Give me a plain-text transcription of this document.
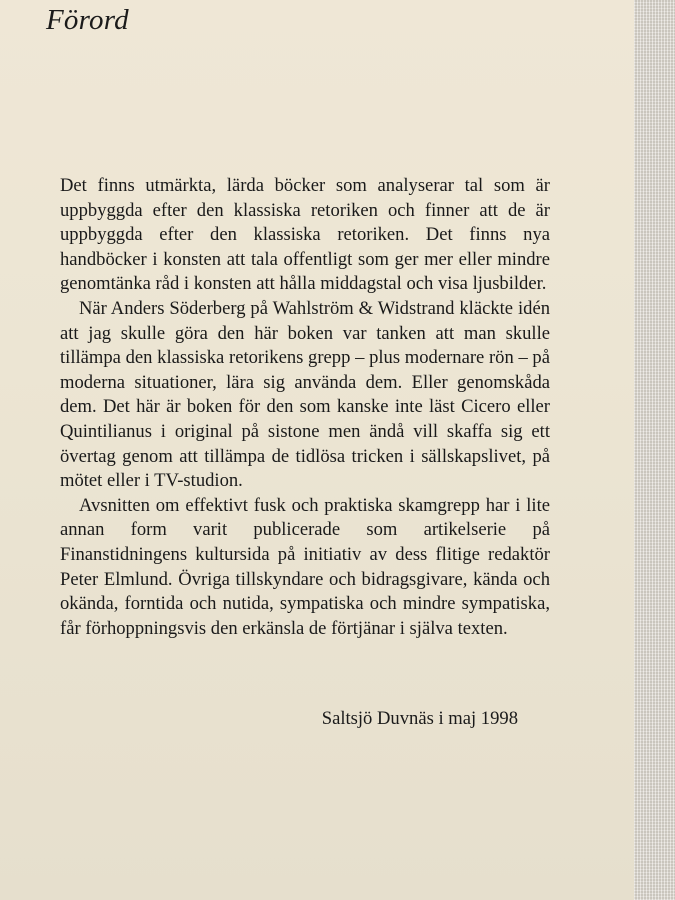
Förord

Det finns utmärkta, lärda böcker som analyserar tal som är uppbyggda efter den klassiska retoriken och finner att de är uppbyggda efter den klassiska retoriken. Det finns nya handböcker i konsten att tala offentligt som ger mer eller mindre genomtänka råd i konsten att hålla middagstal och visa ljusbilder.

När Anders Söderberg på Wahlström & Widstrand kläckte idén att jag skulle göra den här boken var tanken att man skulle tillämpa den klassiska retorikens grepp – plus modernare rön – på moderna situationer, lära sig använda dem. Eller genomskåda dem. Det här är boken för den som kanske inte läst Cicero eller Quintilianus i original på sistone men ändå vill skaffa sig ett övertag genom att tillämpa de tidlösa tricken i sällskapslivet, på mötet eller i TV-studion.

Avsnitten om effektivt fusk och praktiska skamgrepp har i lite annan form varit publicerade som artikelserie på Finanstidningens kultursida på initiativ av dess flitige redaktör Peter Elmlund. Övriga tillskyndare och bidragsgivare, kända och okända, forntida och nutida, sympatiska och mindre sympatiska, får förhoppningsvis den erkänsla de förtjänar i själva texten.

Saltsjö Duvnäs i maj 1998
